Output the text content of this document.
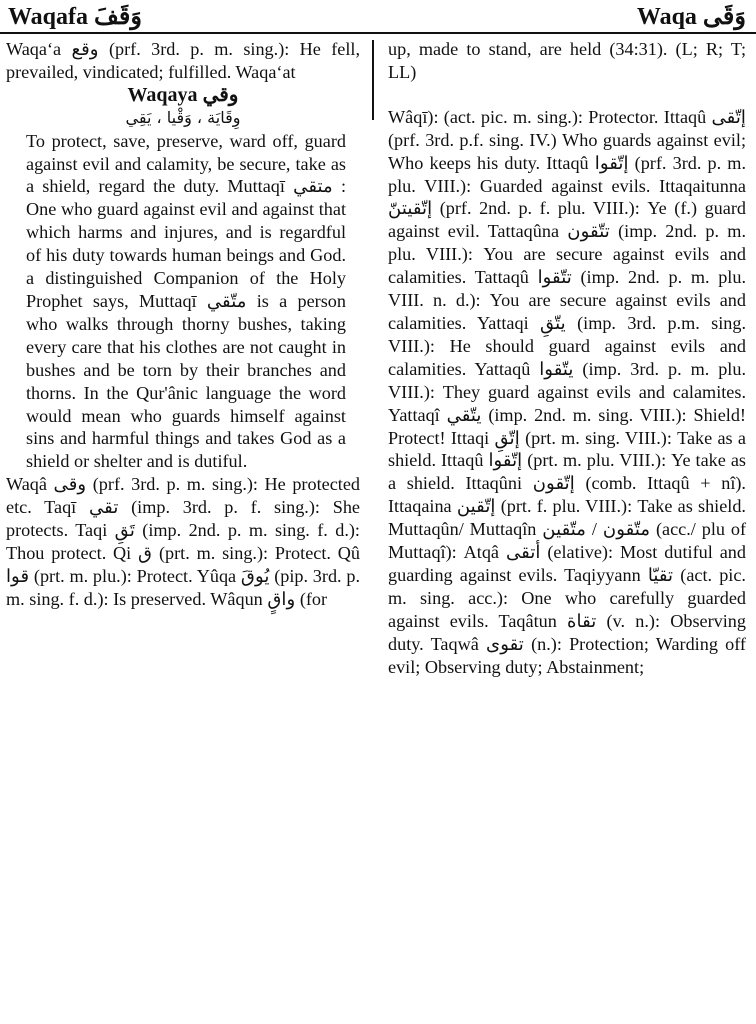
Waqafa وَقَفَ	Waqa وَقَى

Waqa‘a وقع (prf. 3rd. p. m. sing.): He fell, prevailed, vindicated; fulfilled. Waqa‘at

Waqaya وقي

وِقَايَة ، وَقْيا ، يَقِي

To protect, save, preserve, ward off, guard against evil and calamity, be secure, take as a shield, regard the duty. Muttaqī متقي : One who guard against evil and against that which harms and injures, and is regardful of his duty towards human beings and God. a distinguished Companion of the Holy Prophet says, Muttaqī متّقي is a person who walks through thorny bushes, taking every care that his clothes are not caught in bushes and be torn by their branches and thorns. In the Qur'ânic language the word would mean who guards himself against sins and harmful things and takes God as a shield or shelter and is dutiful.

Waqâ وقى (prf. 3rd. p. m. sing.): He protected etc. Taqī تقي (imp. 3rd. p. f. sing.): She protects. Taqi تَقِ (imp. 2nd. p. m. sing. f. d.): Thou protect. Qi ق (prt. m. sing.): Protect. Qû قوا (prt. m. plu.): Protect. Yûqa يُوقَ (pip. 3rd. p. m. sing. f. d.): Is preserved. Wâqun واقٍ (for

up, made to stand, are held (34:31). (L; R; T; LL)

Wâqī): (act. pic. m. sing.): Protector. Ittaqû إتّقى (prf. 3rd. p.f. sing. IV.) Who guards against evil; Who keeps his duty. Ittaqû إتّقوا (prf. 3rd. p. m. plu. VIII.): Guarded against evils. Ittaqaitunna إتّقيتنّ (prf. 2nd. p. f. plu. VIII.): Ye (f.) guard against evil. Tattaqûna تتّقون (imp. 2nd. p. m. plu. VIII.): You are secure against evils and calamities. Tattaqû تتّقوا (imp. 2nd. p. m. plu. VIII. n. d.): You are secure against evils and calamities. Yattaqi يتّقِ (imp. 3rd. p.m. sing. VIII.): He should guard against evils and calamities. Yattaqû يتّقوا (imp. 3rd. p. m. plu. VIII.): They guard against evils and calamites. Yattaqî يتّقي (imp. 2nd. m. sing. VIII.): Shield! Protect! Ittaqi إتّقِ (prt. m. sing. VIII.): Take as a shield. Ittaqû إتّقوا (prt. m. plu. VIII.): Ye take as a shield. Ittaqûni إتّقون (comb. Ittaqû + nî). Ittaqaina إتّقين (prt. f. plu. VIII.): Take as shield. Muttaqûn/ Muttaqîn متّقون / متّقين (acc./ plu of Muttaqî): Atqâ أتقى (elative): Most dutiful and guarding against evils. Taqiyyann تقيّا (act. pic. m. sing. acc.): One who carefully guarded against evils. Taqâtun تقاة (v. n.): Observing duty. Taqwâ تقوى (n.): Protection; Warding off evil; Observing duty; Abstainment;
